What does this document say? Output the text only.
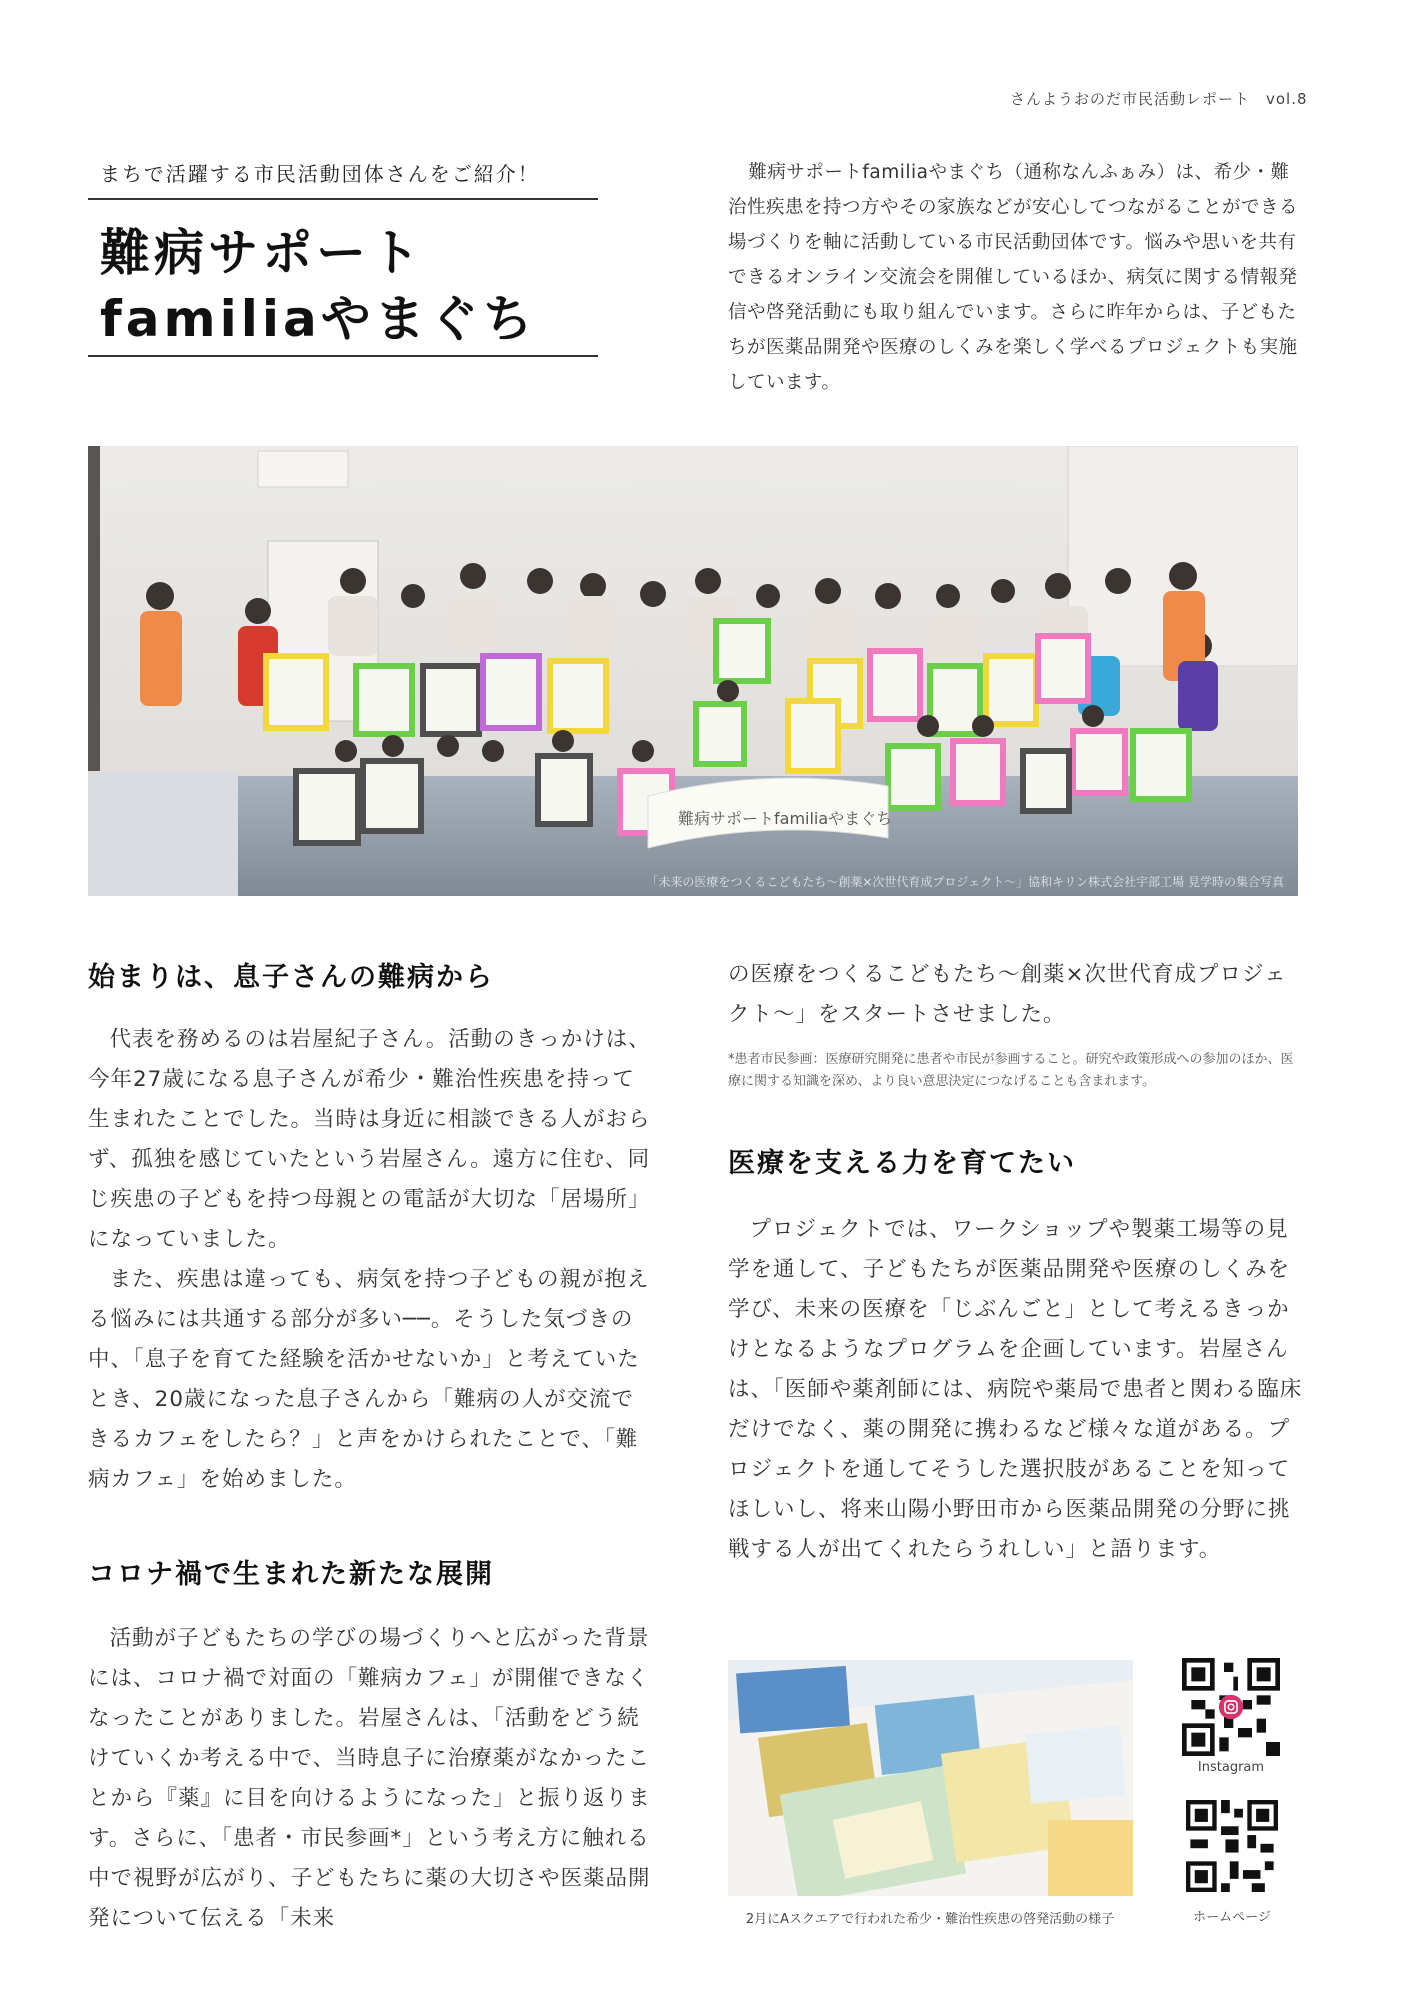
さんようおのだ市民活動レポート　vol.8
まちで活躍する市民活動団体さんをご紹介！
難病サポート
familiaやまぐち

難病サポートfamiliaやまぐち（通称なんふぁみ）は、希少・難治性疾患を持つ方やその家族などが安心してつながることができる場づくりを軸に活動している市民活動団体です。悩みや思いを共有できるオンライン交流会を開催しているほか、病気に関する情報発信や啓発活動にも取り組んでいます。さらに昨年からは、子どもたちが医薬品開発や医療のしくみを楽しく学べるプロジェクトも実施しています。

難病サポートfamiliaやまぐち
「未来の医療をつくるこどもたち〜創薬×次世代育成プロジェクト〜」協和キリン株式会社宇部工場 見学時の集合写真
始まりは、息子さんの難病から

代表を務めるのは岩屋紀子さん。活動のきっかけは、今年27歳になる息子さんが希少・難治性疾患を持って生まれたことでした。当時は身近に相談できる人がおらず、孤独を感じていたという岩屋さん。遠方に住む、同じ疾患の子どもを持つ母親との電話が大切な「居場所」になっていました。

また、疾患は違っても、病気を持つ子どもの親が抱える悩みには共通する部分が多い──。そうした気づきの中、「息子を育てた経験を活かせないか」と考えていたとき、20歳になった息子さんから「難病の人が交流できるカフェをしたら？」と声をかけられたことで、「難病カフェ」を始めました。

コロナ禍で生まれた新たな展開

活動が子どもたちの学びの場づくりへと広がった背景には、コロナ禍で対面の「難病カフェ」が開催できなくなったことがありました。岩屋さんは、「活動をどう続けていくか考える中で、当時息子に治療薬がなかったことから『薬』に目を向けるようになった」と振り返ります。さらに、「患者・市民参画*」という考え方に触れる中で視野が広がり、子どもたちに薬の大切さや医薬品開発について伝える「未来

の医療をつくるこどもたち〜創薬×次世代育成プロジェクト〜」をスタートさせました。

*患者市民参画：医療研究開発に患者や市民が参画すること。研究や政策形成への参加のほか、医療に関する知識を深め、より良い意思決定につなげることも含まれます。

医療を支える力を育てたい

プロジェクトでは、ワークショップや製薬工場等の見学を通して、子どもたちが医薬品開発や医療のしくみを学び、未来の医療を「じぶんごと」として考えるきっかけとなるようなプログラムを企画しています。岩屋さんは、「医師や薬剤師には、病院や薬局で患者と関わる臨床だけでなく、薬の開発に携わるなど様々な道がある。プロジェクトを通してそうした選択肢があることを知ってほしいし、将来山陽小野田市から医薬品開発の分野に挑戦する人が出てくれたらうれしい」と語ります。

2月にAスクエアで行われた希少・難治性疾患の啓発活動の様子
Instagram
ホームページ
